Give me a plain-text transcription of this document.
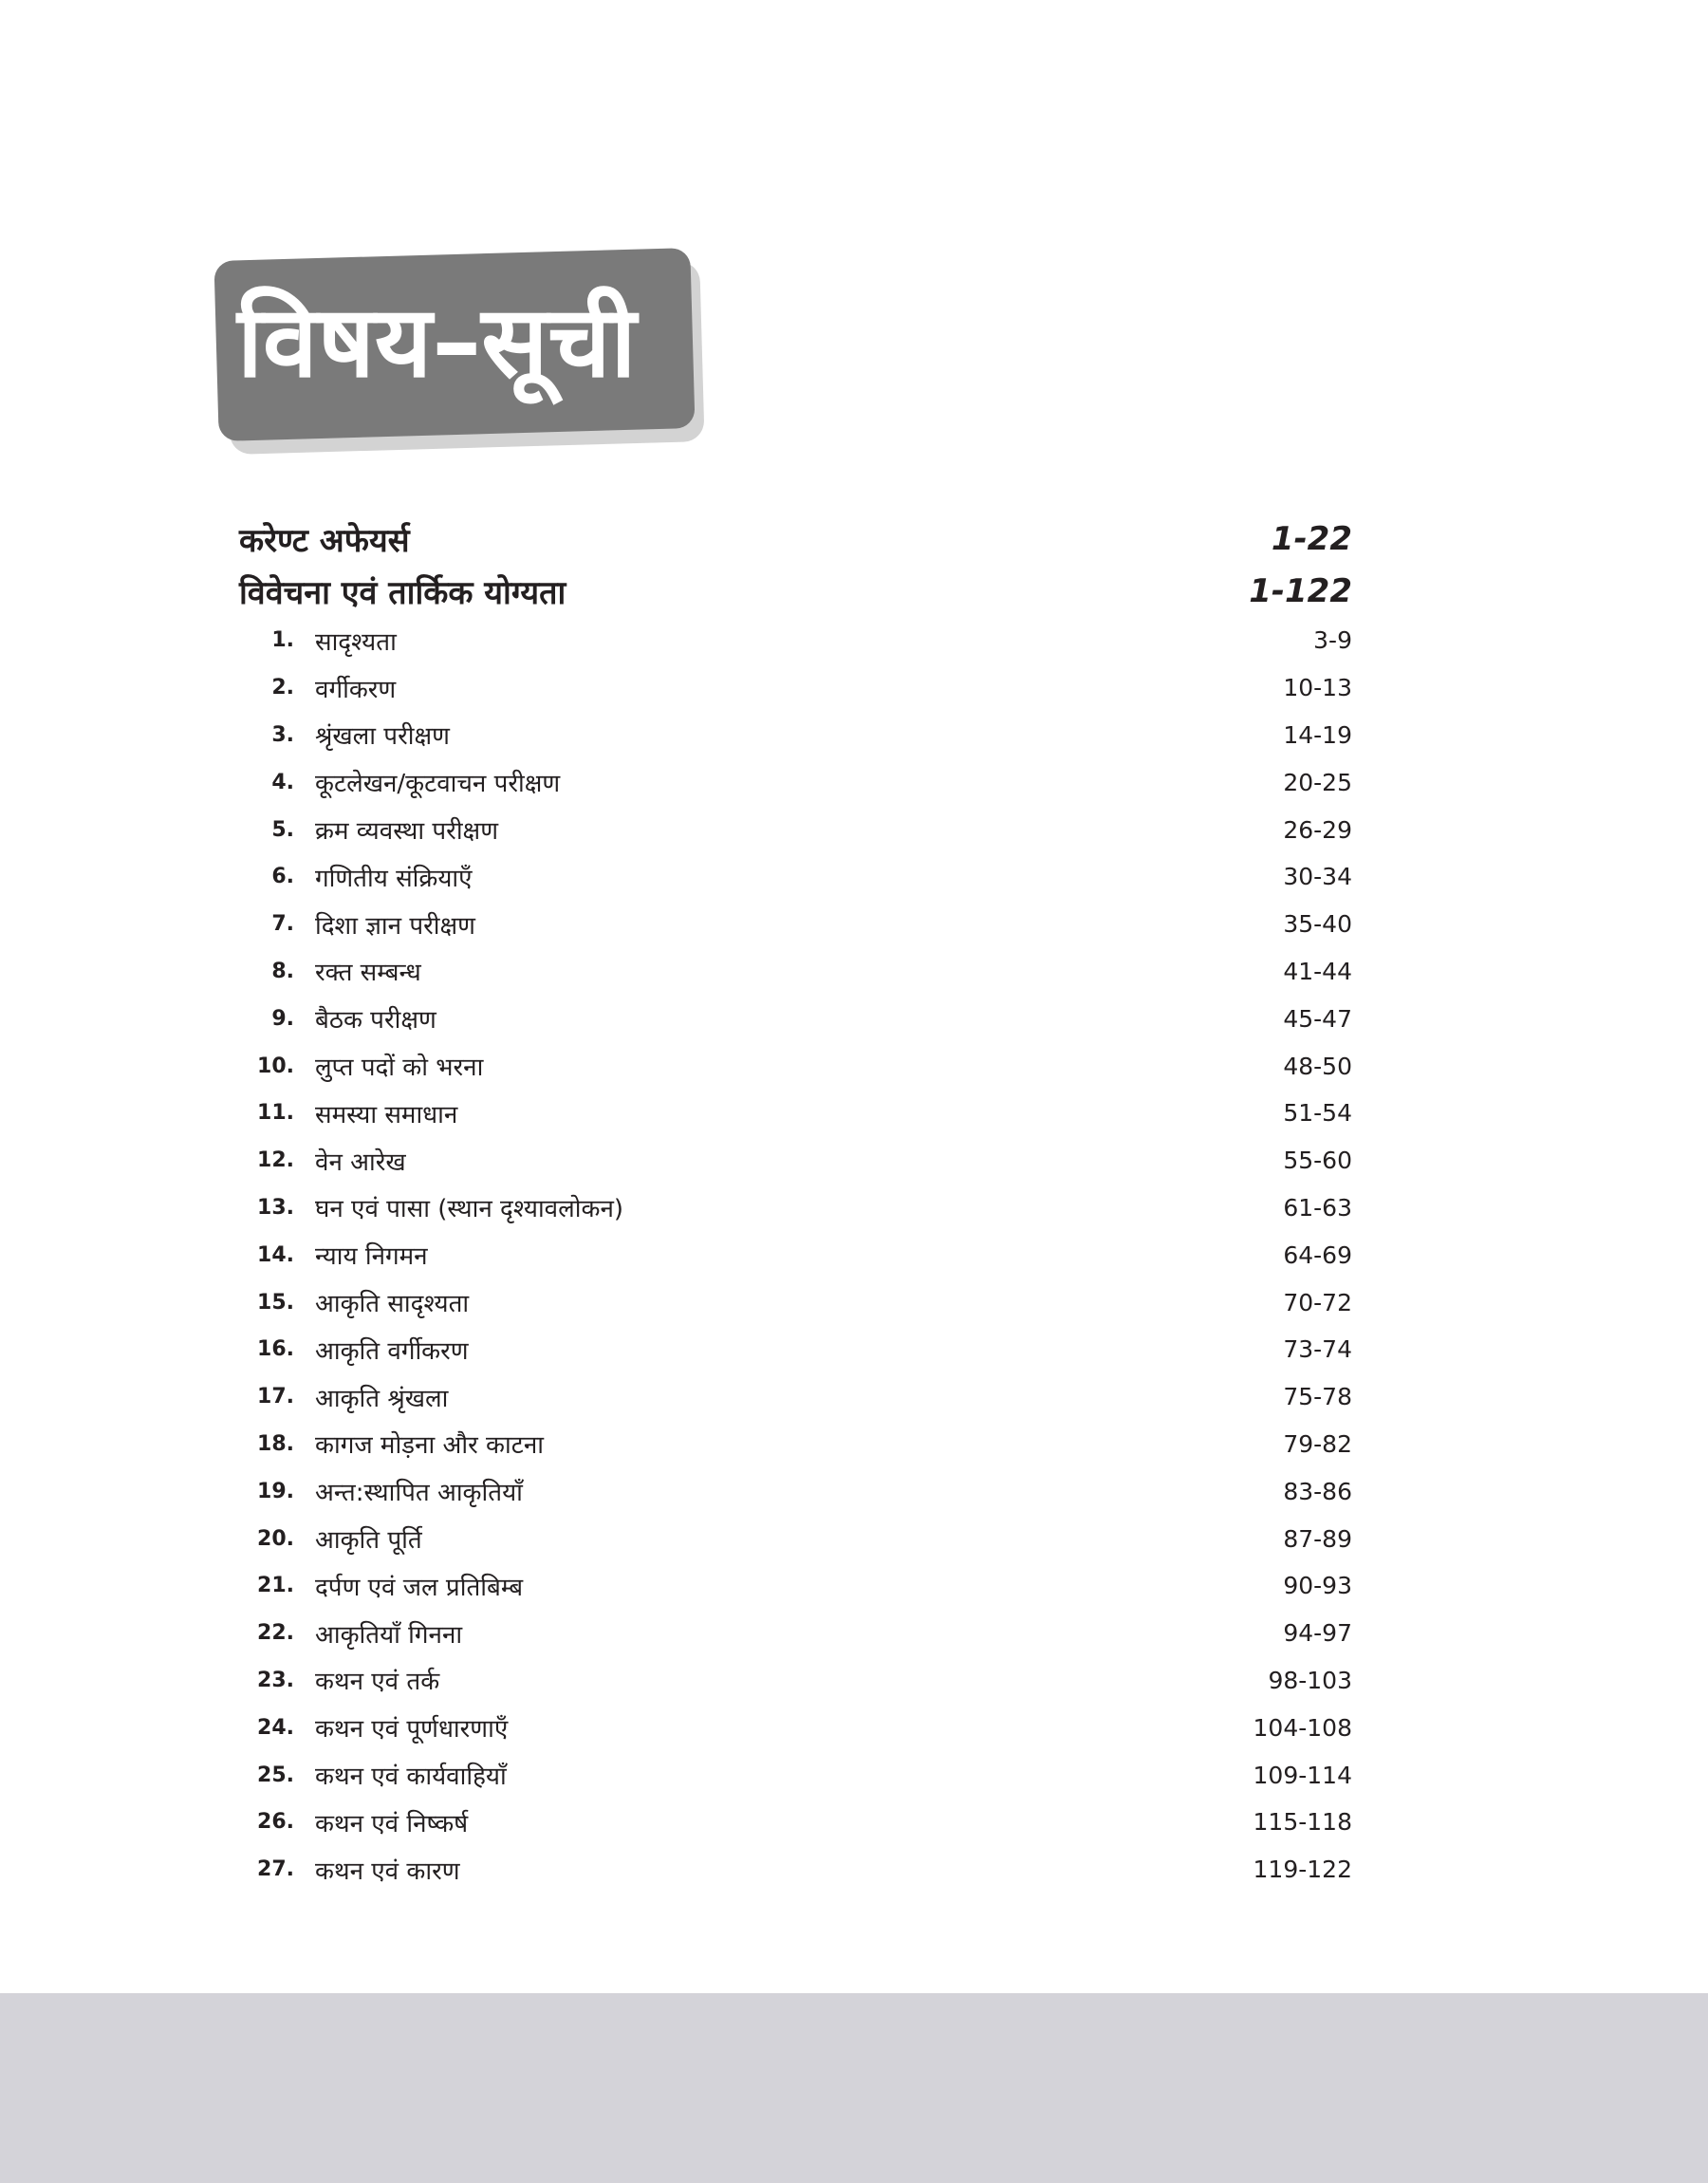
विषय–सूची
करेण्ट अफेयर्स	1-22
विवेचना एवं तार्किक योग्यता	1-122
1. सादृश्यता	3-9
2. वर्गीकरण	10-13
3. श्रृंखला परीक्षण	14-19
4. कूटलेखन/कूटवाचन परीक्षण	20-25
5. क्रम व्यवस्था परीक्षण	26-29
6. गणितीय संक्रियाएँ	30-34
7. दिशा ज्ञान परीक्षण	35-40
8. रक्त सम्बन्ध	41-44
9. बैठक परीक्षण	45-47
10. लुप्त पदों को भरना	48-50
11. समस्या समाधान	51-54
12. वेन आरेख	55-60
13. घन एवं पासा (स्थान दृश्यावलोकन)	61-63
14. न्याय निगमन	64-69
15. आकृति सादृश्यता	70-72
16. आकृति वर्गीकरण	73-74
17. आकृति श्रृंखला	75-78
18. कागज मोड़ना और काटना	79-82
19. अन्त:स्थापित आकृतियाँ	83-86
20. आकृति पूर्ति	87-89
21. दर्पण एवं जल प्रतिबिम्ब	90-93
22. आकृतियाँ गिनना	94-97
23. कथन एवं तर्क	98-103
24. कथन एवं पूर्णधारणाएँ	104-108
25. कथन एवं कार्यवाहियाँ	109-114
26. कथन एवं निष्कर्ष	115-118
27. कथन एवं कारण	119-122
